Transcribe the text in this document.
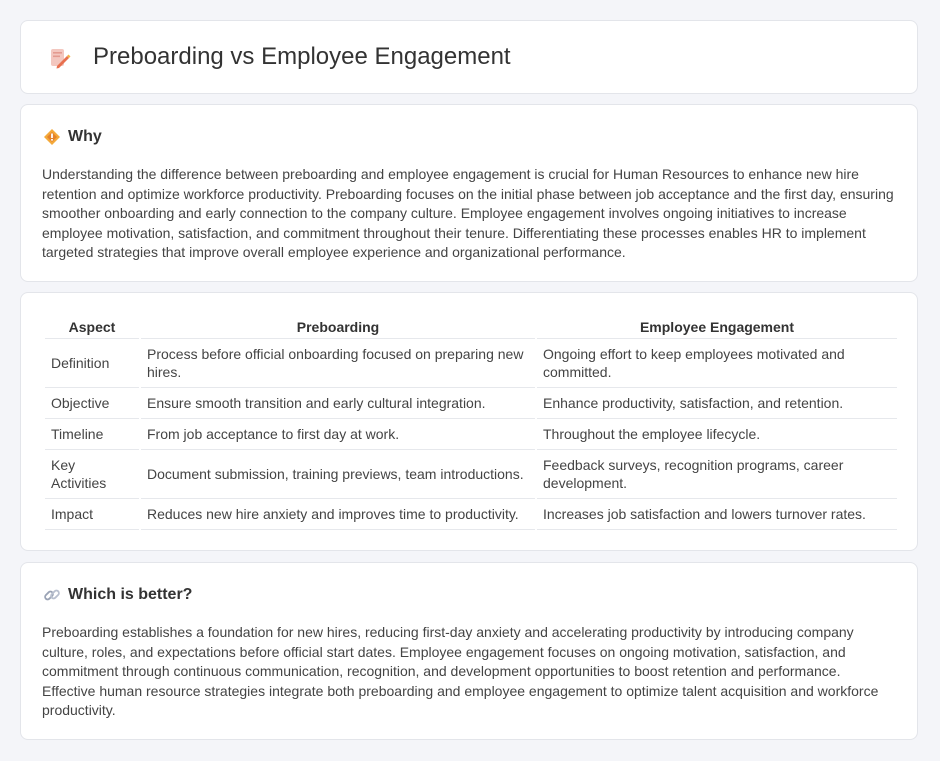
Preboarding vs Employee Engagement
Why

Understanding the difference between preboarding and employee engagement is crucial for Human Resources to enhance new hire retention and optimize workforce productivity. Preboarding focuses on the initial phase between job acceptance and the first day, ensuring smoother onboarding and early connection to the company culture. Employee engagement involves ongoing initiatives to increase employee motivation, satisfaction, and commitment throughout their tenure. Differentiating these processes enables HR to implement targeted strategies that improve overall employee experience and organizational performance.

Aspect	Preboarding	Employee Engagement
Definition	Process before official onboarding focused on preparing new hires.	Ongoing effort to keep employees motivated and committed.
Objective	Ensure smooth transition and early cultural integration.	Enhance productivity, satisfaction, and retention.
Timeline	From job acceptance to first day at work.	Throughout the employee lifecycle.
Key Activities	Document submission, training previews, team introductions.	Feedback surveys, recognition programs, career development.
Impact	Reduces new hire anxiety and improves time to productivity.	Increases job satisfaction and lowers turnover rates.
Which is better?

Preboarding establishes a foundation for new hires, reducing first-day anxiety and accelerating productivity by introducing company culture, roles, and expectations before official start dates. Employee engagement focuses on ongoing motivation, satisfaction, and commitment through continuous communication, recognition, and development opportunities to boost retention and performance. Effective human resource strategies integrate both preboarding and employee engagement to optimize talent acquisition and workforce productivity.
